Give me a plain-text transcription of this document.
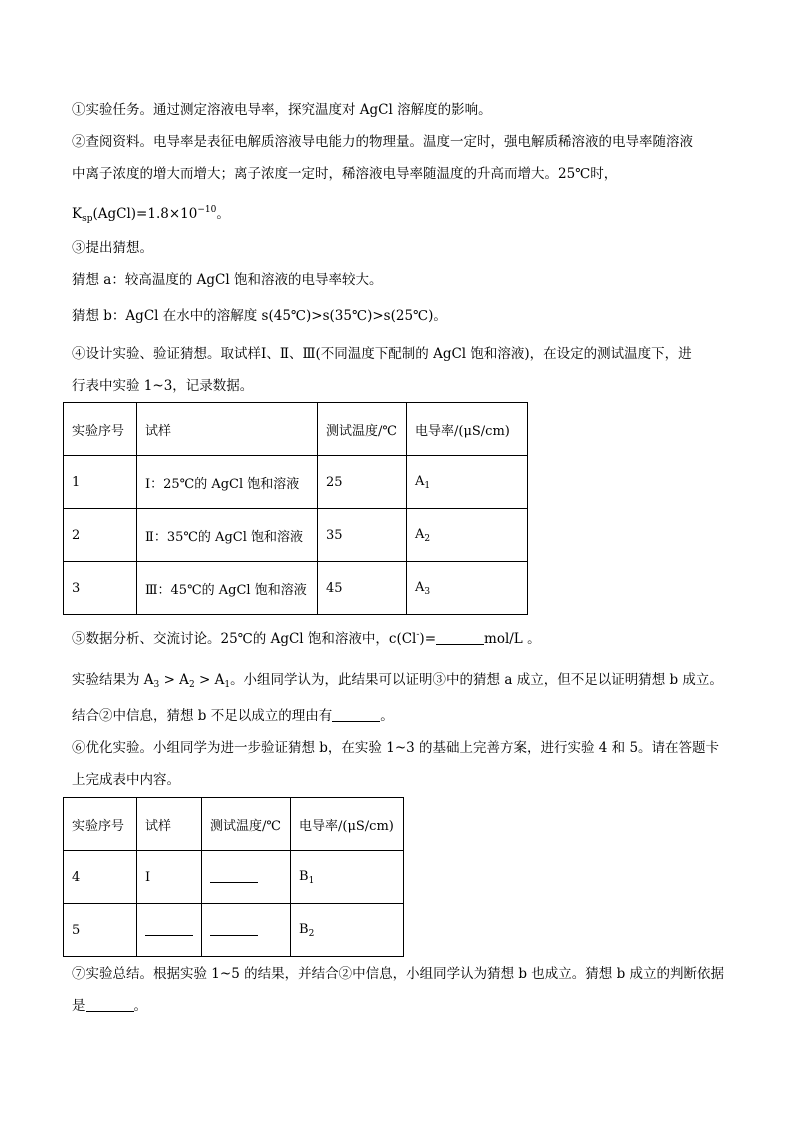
①实验任务。通过测定溶液电导率，探究温度对 AgCl 溶解度的影响。
②查阅资料。电导率是表征电解质溶液导电能力的物理量。温度一定时，强电解质稀溶液的电导率随溶液
中离子浓度的增大而增大；离子浓度一定时，稀溶液电导率随温度的升高而增大。25℃时，
$K_{sp}(AgCl)=1.8\times 10^{-10}$。
③提出猜想。
猜想 a：较高温度的 AgCl 饱和溶液的电导率较大。
猜想 b：AgCl 在水中的溶解度 s(45℃)>s(35℃)>s(25℃)。
④设计实验、验证猜想。取试样Ⅰ、Ⅱ、Ⅲ(不同温度下配制的 AgCl 饱和溶液)，在设定的测试温度下，进
行表中实验 1~3，记录数据。
⑤数据分析、交流讨论。25℃的 AgCl 饱和溶液中，c(Cl-)=	mol/L 。
实验结果为 $A_3 > A_2 > A_1$。小组同学认为，此结果可以证明③中的猜想 a 成立，但不足以证明猜想 b 成立。
结合②中信息，猜想 b 不足以成立的理由有	。
⑥优化实验。小组同学为进一步验证猜想 b，在实验 1~3 的基础上完善方案，进行实验 4 和 5。请在答题卡
上完成表中内容。
⑦实验总结。根据实验 1~5 的结果，并结合②中信息，小组同学认为猜想 b 也成立。猜想 b 成立的判断依据
是	。
实验序号	试样	测试温度/℃	电导率/(μS/cm)
1	Ⅰ：25℃的 AgCl 饱和溶液	25	$A_1$
2	Ⅱ：35℃的 AgCl 饱和溶液	35	$A_2$
3	Ⅲ：45℃的 AgCl 饱和溶液	45	$A_3$
实验序号	试样	测试温度/℃	电导率/(μS/cm)
4	Ⅰ		$B_1$
5			$B_2$
